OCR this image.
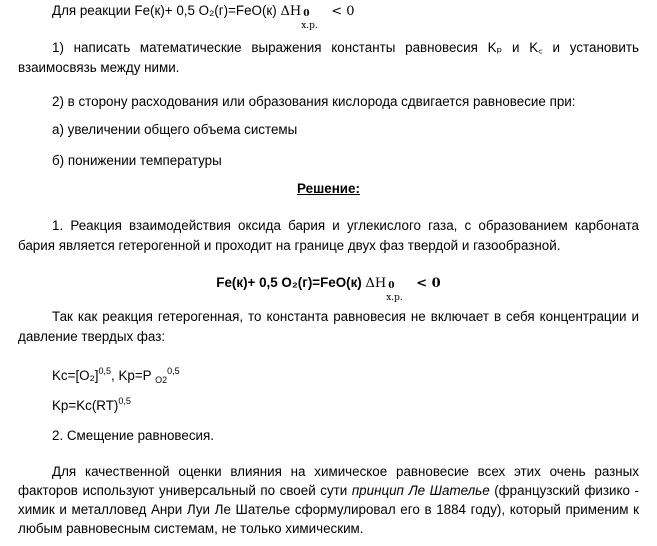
Для реакции Fe(к)+ 0,5 O₂(г)=FeO(к) ΔH 0
х.р.
< 0
1) написать математические выражения константы равновесия Kₚ и K꜀ и установить
взаимосвязь между ними.
2) в сторону расходования или образования кислорода сдвигается равновесие при:
а) увеличении общего объема системы
б) понижении температуры
Решение:
1. Реакция взаимодействия оксида бария и углекислого газа, с образованием карбоната
бария является гетерогенной и проходит на границе двух фаз твердой и газообразной.
Fe(к)+ 0,5 O₂(г)=FeO(к) ΔH 0
х.р.
< 0
Так как реакция гетерогенная, то константа равновесия не включает в себя концентрации и
давление твердых фаз:
$Kc=[O_2]^{0,5}$, Kp=P $_{O2}^{0,5}$
Kp=Kc(RT)$^{0,5}$
2. Смещение равновесия.
Для качественной оценки влияния на химическое равновесие всех этих очень разных
факторов используют универсальный по своей сути принцип Ле Шателье (французский физико -
химик и металловед Анри Луи Ле Шателье сформулировал его в 1884 году), который применим к
любым равновесным системам, не только химическим.
